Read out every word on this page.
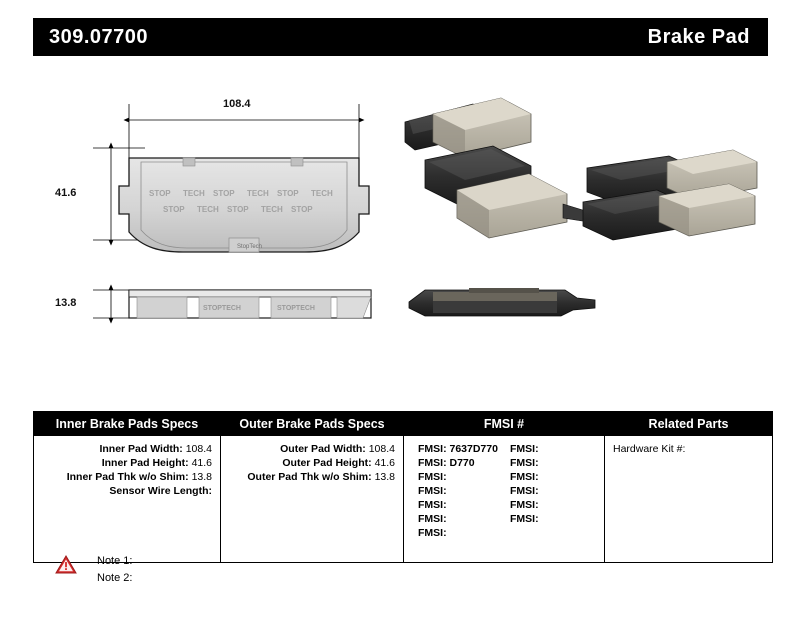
309.07700	Brake Pad
StopTech
STOP TECH STOP TECH STOP TECH
STOP TECH STOP TECH STOP
STOPTECH	STOPTECH
108.4
41.6
13.8
Inner Brake Pads Specs	Outer Brake Pads Specs	FMSI #	Related Parts

Inner Pad Width: 108.4
Inner Pad Height: 41.6
Inner Pad Thk w/o Shim: 13.8
Sensor Wire Length:

Outer Pad Width: 108.4
Outer Pad Height: 41.6
Outer Pad Thk w/o Shim: 13.8

FMSI: 7637D770
FMSI: D770
FMSI:
FMSI:
FMSI:
FMSI:
FMSI:
FMSI:
FMSI:
FMSI:
FMSI:
FMSI:
FMSI:

Hardware Kit #:
Note 1:
Note 2:
